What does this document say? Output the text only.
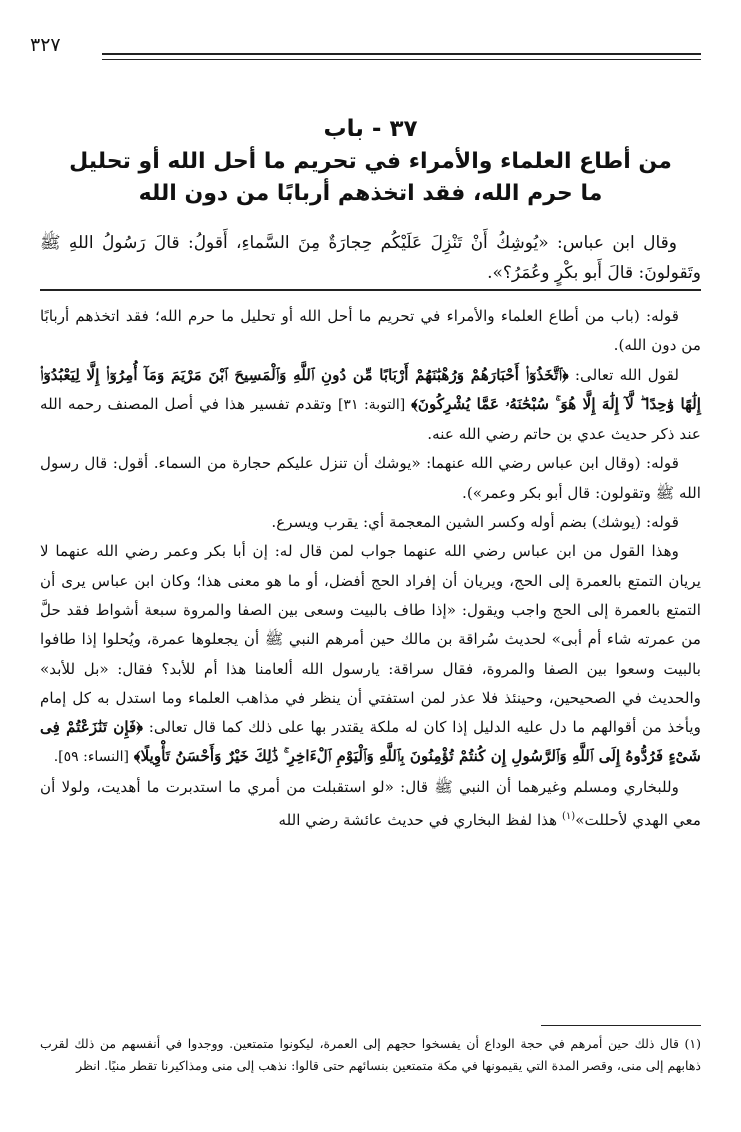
٣٢٧
٣٧ - باب
من أطاع العلماء والأمراء في تحريم ما أحل الله أو تحليل
ما حرم الله، فقد اتخذهم أربابًا من دون الله

وقال ابن عباس: «يُوشِكُ أَنْ تَنْزِلَ عَلَيْكُم حِجارَةٌ مِنَ السَّماءِ، أَقولُ: قالَ رَسُولُ اللهِ ﷺ وتَقولونَ: قالَ أَبو بكْرٍ وعُمَرُ؟».

قوله: (باب من أطاع العلماء والأمراء في تحريم ما أحل الله أو تحليل ما حرم الله؛ فقد اتخذهم أربابًا من دون الله).

لقول الله تعالى: ﴿ٱتَّخَذُوٓا۟ أَحْبَارَهُمْ وَرُهْبَٰنَهُمْ أَرْبَابًا مِّن دُونِ ٱللَّهِ وَٱلْمَسِيحَ ٱبْنَ مَرْيَمَ وَمَآ أُمِرُوٓا۟ إِلَّا لِيَعْبُدُوٓا۟ إِلَٰهًا وَٰحِدًا ۖ لَّآ إِلَٰهَ إِلَّا هُوَ ۚ سُبْحَٰنَهُۥ عَمَّا يُشْرِكُونَ﴾ [التوبة: ٣١] وتقدم تفسير هذا في أصل المصنف رحمه الله عند ذكر حديث عدي بن حاتم رضي الله عنه.

قوله: (وقال ابن عباس رضي الله عنهما: «يوشك أن تنزل عليكم حجارة من السماء. أقول: قال رسول الله ﷺ وتقولون: قال أبو بكر وعمر»).

قوله: (يوشك) بضم أوله وكسر الشين المعجمة أي: يقرب ويسرع.

وهذا القول من ابن عباس رضي الله عنهما جواب لمن قال له: إن أبا بكر وعمر رضي الله عنهما لا يريان التمتع بالعمرة إلى الحج، ويريان أن إفراد الحج أفضل، أو ما هو معنى هذا؛ وكان ابن عباس يرى أن التمتع بالعمرة إلى الحج واجب ويقول: «إذا طاف بالبيت وسعى بين الصفا والمروة سبعة أشواط فقد حلَّ من عمرته شاء أم أبى» لحديث سُراقة بن مالك حين أمرهم النبي ﷺ أن يجعلوها عمرة، ويُحلوا إذا طافوا بالبيت وسعوا بين الصفا والمروة، فقال سراقة: يارسول الله ألعامنا هذا أم للأبد؟ فقال: «بل للأبد» والحديث في الصحيحين، وحينئذ فلا عذر لمن استفتي أن ينظر في مذاهب العلماء وما استدل به كل إمام ويأخذ من أقوالهم ما دل عليه الدليل إذا كان له ملكة يقتدر بها على ذلك كما قال تعالى: ﴿فَإِن تَنَٰزَعْتُمْ فِى شَىْءٍ فَرُدُّوهُ إِلَى ٱللَّهِ وَٱلرَّسُولِ إِن كُنتُمْ تُؤْمِنُونَ بِٱللَّهِ وَٱلْيَوْمِ ٱلْءَاخِرِ ۚ ذَٰلِكَ خَيْرٌ وَأَحْسَنُ تَأْوِيلًا﴾ [النساء: ٥٩].

وللبخاري ومسلم وغيرهما أن النبي ﷺ قال: «لو استقبلت من أمري ما استدبرت ما أهديت، ولولا أن معي الهدي لأحللت»$^{(١)}$ هذا لفظ البخاري في حديث عائشة رضي الله

(١) قال ذلك حين أمرهم في حجة الوداع أن يفسخوا حجهم إلى العمرة، ليكونوا متمتعين. ووجدوا في أنفسهم من ذلك لقرب ذهابهم إلى منى، وقصر المدة التي يقيمونها في مكة متمتعين بنسائهم حتى قالوا: نذهب إلى منى ومذاكيرنا تقطر منيًا. انظر
